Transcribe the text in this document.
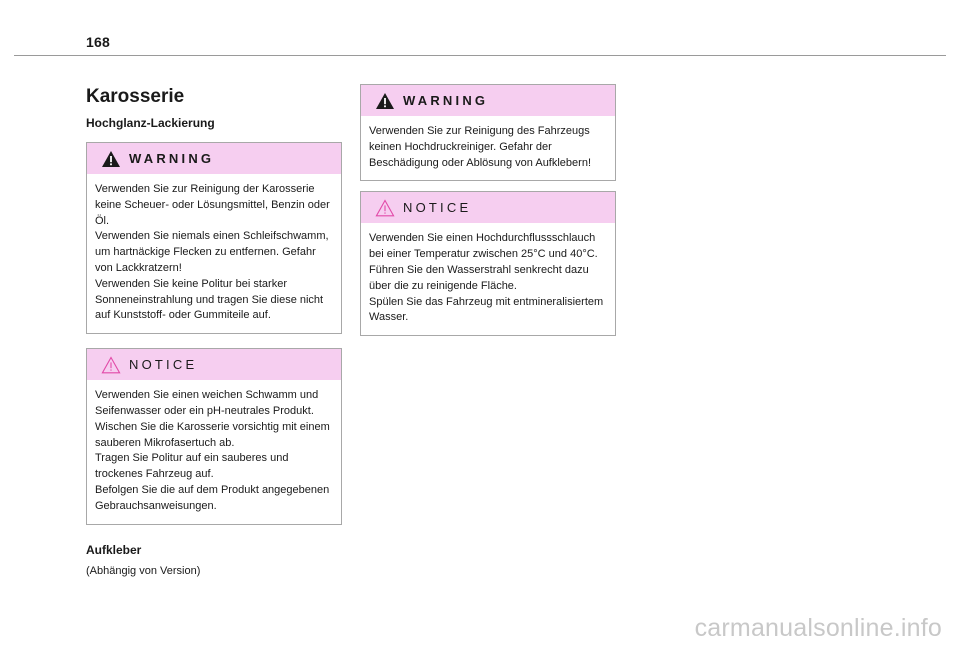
168
Karosserie
Hochglanz-Lackierung
WARNING

Verwenden Sie zur Reinigung der Karosserie keine Scheuer- oder Lösungsmittel, Benzin oder Öl.

Verwenden Sie niemals einen Schleifschwamm, um hartnäckige Flecken zu entfernen. Gefahr von Lackkratzern!

Verwenden Sie keine Politur bei starker Sonneneinstrahlung und tragen Sie diese nicht auf Kunststoff- oder Gummiteile auf.

NOTICE

Verwenden Sie einen weichen Schwamm und Seifenwasser oder ein pH-neutrales Produkt.

Wischen Sie die Karosserie vorsichtig mit einem sauberen Mikrofasertuch ab.

Tragen Sie Politur auf ein sauberes und trockenes Fahrzeug auf.

Befolgen Sie die auf dem Produkt angegebenen Gebrauchsanweisungen.

Aufkleber

(Abhängig von Version)

WARNING

Verwenden Sie zur Reinigung des Fahrzeugs keinen Hochdruckreiniger. Gefahr der Beschädigung oder Ablösung von Aufklebern!

NOTICE

Verwenden Sie einen Hochdurchflussschlauch bei einer Temperatur zwischen 25°C und 40°C.

Führen Sie den Wasserstrahl senkrecht dazu über die zu reinigende Fläche.

Spülen Sie das Fahrzeug mit entmineralisiertem Wasser.

carmanualsonline.info
